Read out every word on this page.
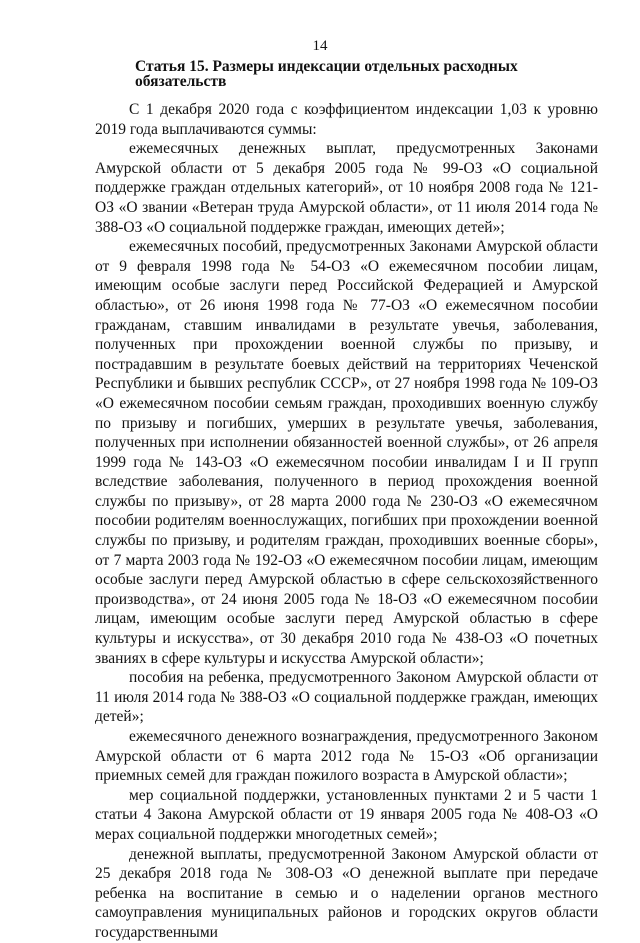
14
Статья 15. Размеры индексации отдельных расходных обязательств

С 1 декабря 2020 года с коэффициентом индексации 1,03 к уровню 2019 года выплачиваются суммы:

ежемесячных денежных выплат, предусмотренных Законами Амурской области от 5 декабря 2005 года № 99-ОЗ «О социальной поддержке граждан отдельных категорий», от 10 ноября 2008 года № 121-ОЗ «О звании «Ветеран труда Амурской области», от 11 июля 2014 года № 388-ОЗ «О социальной поддержке граждан, имеющих детей»;

ежемесячных пособий, предусмотренных Законами Амурской области от 9 февраля 1998 года № 54-ОЗ «О ежемесячном пособии лицам, имеющим особые заслуги перед Российской Федерацией и Амурской областью», от 26 июня 1998 года № 77-ОЗ «О ежемесячном пособии гражданам, ставшим инвалидами в результате увечья, заболевания, полученных при прохождении военной службы по призыву, и пострадавшим в результате боевых действий на территориях Чеченской Республики и бывших республик СССР», от 27 ноября 1998 года № 109-ОЗ «О ежемесячном пособии семьям граждан, проходивших военную службу по призыву и погибших, умерших в результате увечья, заболевания, полученных при исполнении обязанностей военной службы», от 26 апреля 1999 года № 143-ОЗ «О ежемесячном пособии инвалидам I и II групп вследствие заболевания, полученного в период прохождения военной службы по призыву», от 28 марта 2000 года № 230-ОЗ «О ежемесячном пособии родителям военнослужащих, погибших при прохождении военной службы по призыву, и родителям граждан, проходивших военные сборы», от 7 марта 2003 года № 192-ОЗ «О ежемесячном пособии лицам, имеющим особые заслуги перед Амурской областью в сфере сельскохозяйственного производства», от 24 июня 2005 года № 18-ОЗ «О ежемесячном пособии лицам, имеющим особые заслуги перед Амурской областью в сфере культуры и искусства», от 30 декабря 2010 года № 438-ОЗ «О почетных званиях в сфере культуры и искусства Амурской области»;

пособия на ребенка, предусмотренного Законом Амурской области от 11 июля 2014 года № 388-ОЗ «О социальной поддержке граждан, имеющих детей»;

ежемесячного денежного вознаграждения, предусмотренного Законом Амурской области от 6 марта 2012 года № 15-ОЗ «Об организации приемных семей для граждан пожилого возраста в Амурской области»;

мер социальной поддержки, установленных пунктами 2 и 5 части 1 статьи 4 Закона Амурской области от 19 января 2005 года № 408-ОЗ «О мерах социальной поддержки многодетных семей»;

денежной выплаты, предусмотренной Законом Амурской области от 25 декабря 2018 года № 308-ОЗ «О денежной выплате при передаче ребенка на воспитание в семью и о наделении органов местного самоуправления муниципальных районов и городских округов области государственными
